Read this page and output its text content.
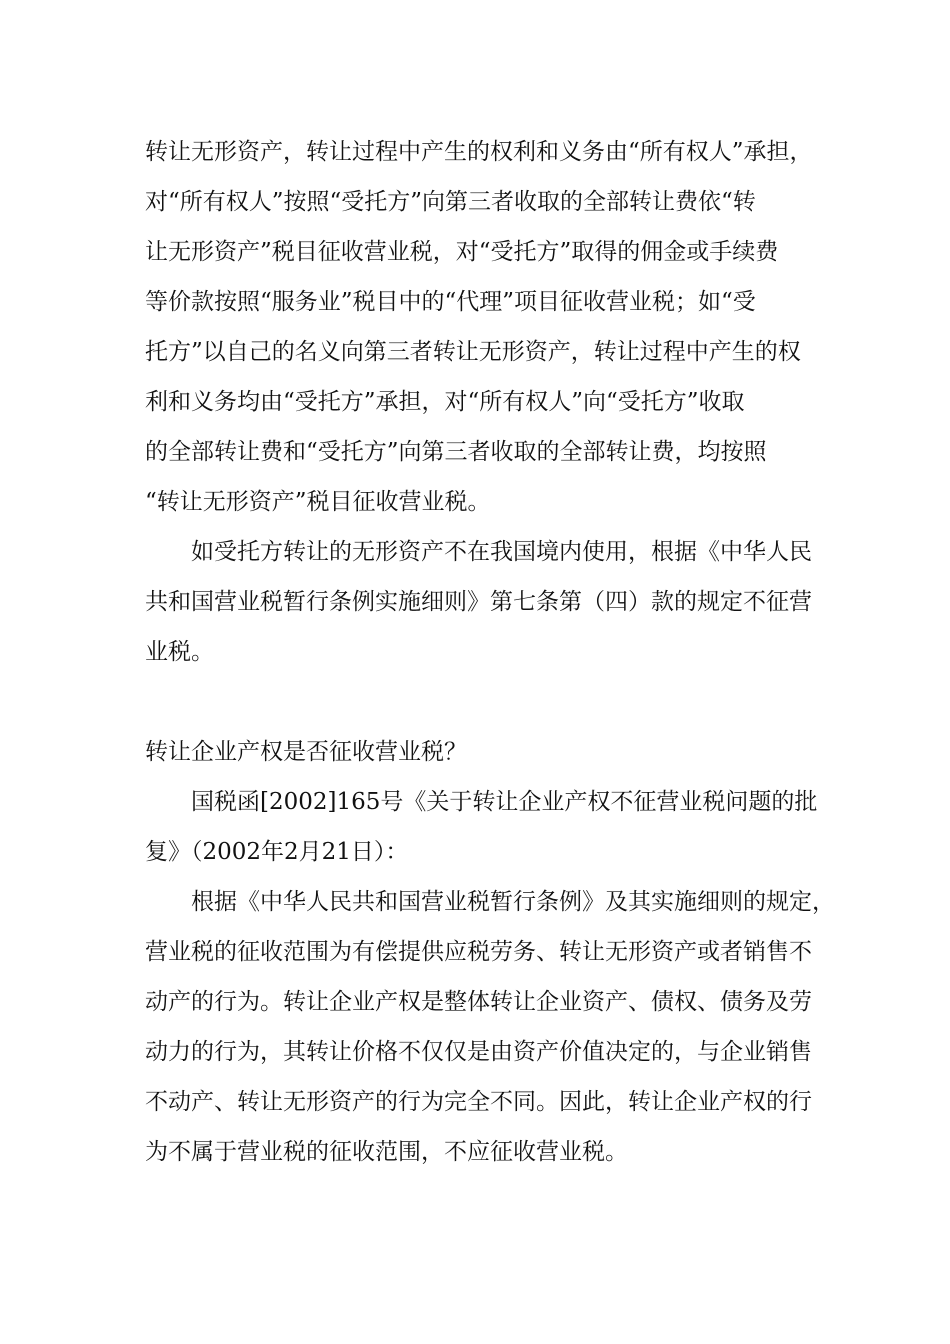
转让无形资产，转让过程中产生的权利和义务由“所有权人”承担，
对“所有权人”按照“受托方”向第三者收取的全部转让费依“转
让无形资产”税目征收营业税，对“受托方”取得的佣金或手续费
等价款按照“服务业”税目中的“代理”项目征收营业税；如“受
托方”以自己的名义向第三者转让无形资产，转让过程中产生的权
利和义务均由“受托方”承担，对“所有权人”向“受托方”收取
的全部转让费和“受托方”向第三者收取的全部转让费，均按照
“转让无形资产”税目征收营业税。
　　如受托方转让的无形资产不在我国境内使用，根据《中华人民
共和国营业税暂行条例实施细则》第七条第（四）款的规定不征营
业税。
转让企业产权是否征收营业税？
　　国税函[2002]165号《关于转让企业产权不征营业税问题的批
复》（2002年2月21日）：
　　根据《中华人民共和国营业税暂行条例》及其实施细则的规定，
营业税的征收范围为有偿提供应税劳务、转让无形资产或者销售不
动产的行为。转让企业产权是整体转让企业资产、债权、债务及劳
动力的行为，其转让价格不仅仅是由资产价值决定的，与企业销售
不动产、转让无形资产的行为完全不同。因此，转让企业产权的行
为不属于营业税的征收范围，不应征收营业税。
